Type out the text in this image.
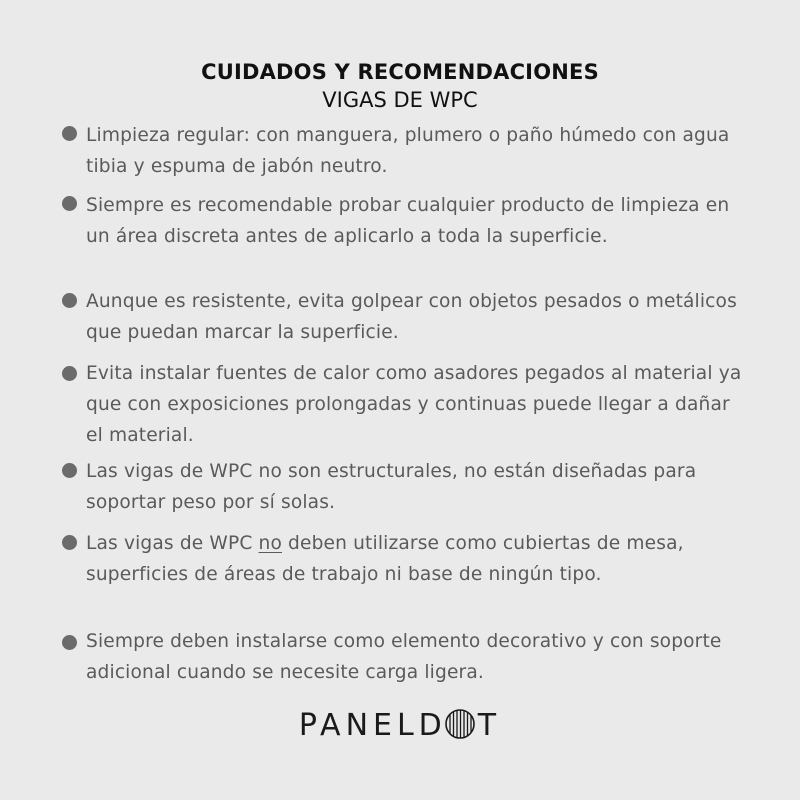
CUIDADOS Y RECOMENDACIONES
VIGAS DE WPC
Limpieza regular: con manguera, plumero o paño húmedo con agua tibia y espuma de jabón neutro.
Siempre es recomendable probar cualquier producto de limpieza en un área discreta antes de aplicarlo a toda la superficie.
Aunque es resistente, evita golpear con objetos pesados o metálicos que puedan marcar la superficie.
Evita instalar fuentes de calor como asadores pegados al material ya que con exposiciones prolongadas y continuas puede llegar a dañar el material.
Las vigas de WPC no son estructurales, no están diseñadas para soportar peso por sí solas.
Las vigas de WPC no deben utilizarse como cubiertas de mesa, superficies de áreas de trabajo ni base de ningún tipo.
Siempre deben instalarse como elemento decorativo y con soporte adicional cuando se necesite carga ligera.
PANELD T
